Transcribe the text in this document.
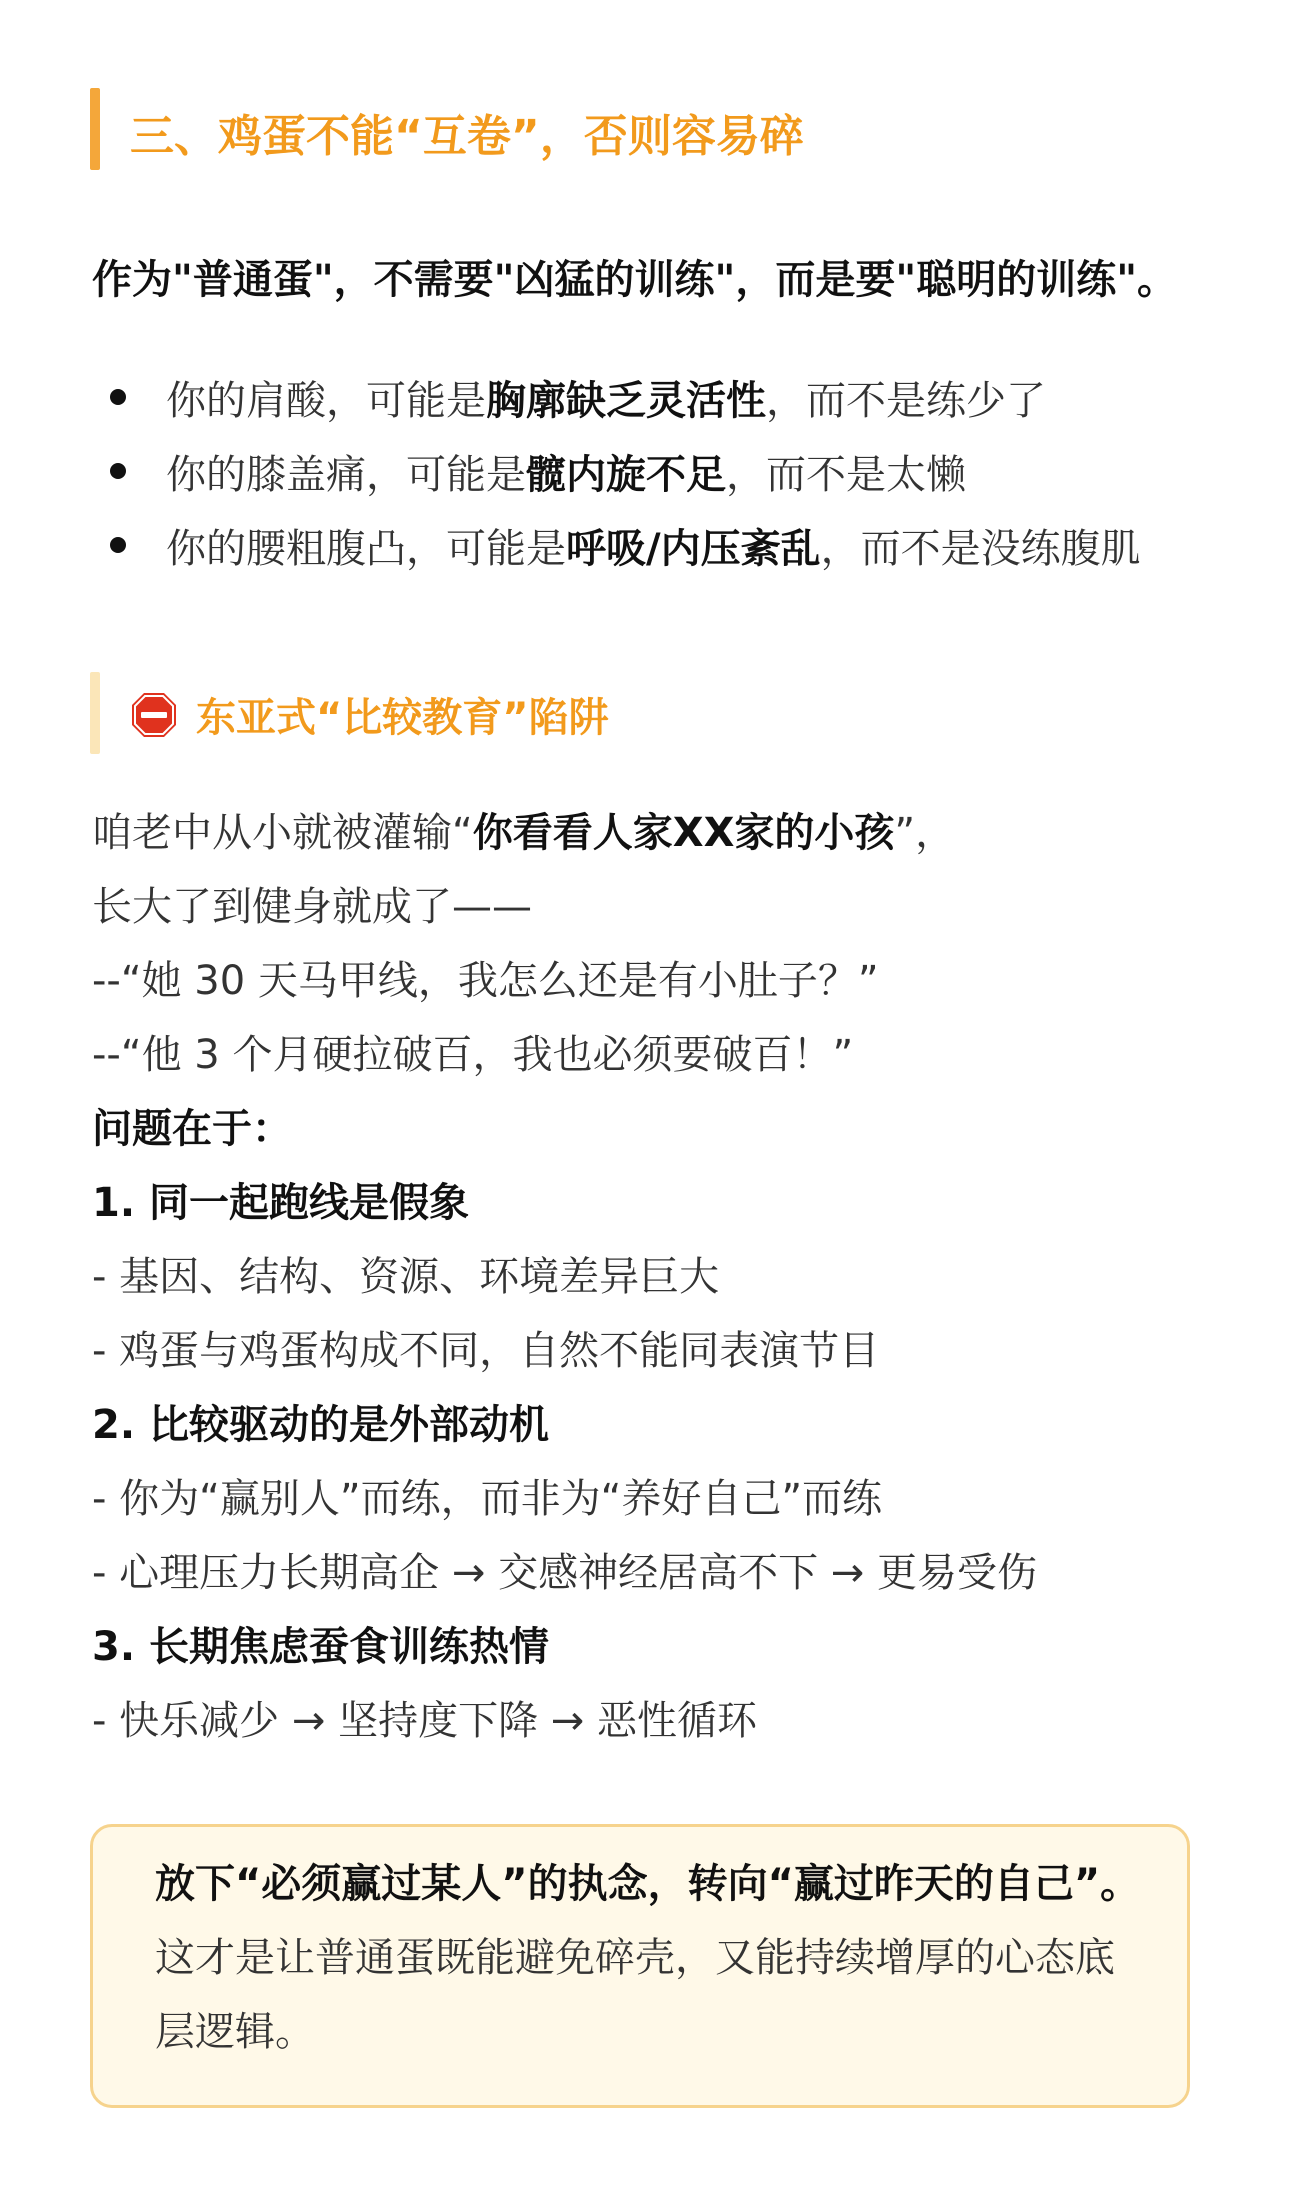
三、鸡蛋不能“互卷”，否则容易碎
作为"普通蛋"，不需要"凶猛的训练"，而是要"聪明的训练"。
你的肩酸，可能是 胸廓缺乏灵活性 ，而不是练少了
你的膝盖痛，可能是 髋内旋不足 ，而不是太懒
你的腰粗腹凸，可能是 呼吸/内压紊乱 ，而不是没练腹肌
东亚式“比较教育”陷阱
咱老中从小就被灌输“你看看人家XX家的小孩”，
长大了到健身就成了——
--“她 30 天马甲线，我怎么还是有小肚子？”
--“他 3 个月硬拉破百，我也必须要破百！”
问题在于：
1. 同一起跑线是假象
- 基因、结构、资源、环境差异巨大
- 鸡蛋与鸡蛋构成不同，自然不能同表演节目
2. 比较驱动的是外部动机
- 你为“赢别人”而练，而非为“养好自己”而练
- 心理压力长期高企 → 交感神经居高不下 → 更易受伤
3. 长期焦虑蚕食训练热情
- 快乐减少 → 坚持度下降 → 恶性循环
放下“必须赢过某人”的执念，转向“赢过昨天的自己”。
这才是让普通蛋既能避免碎壳，又能持续增厚的心态底
层逻辑。
